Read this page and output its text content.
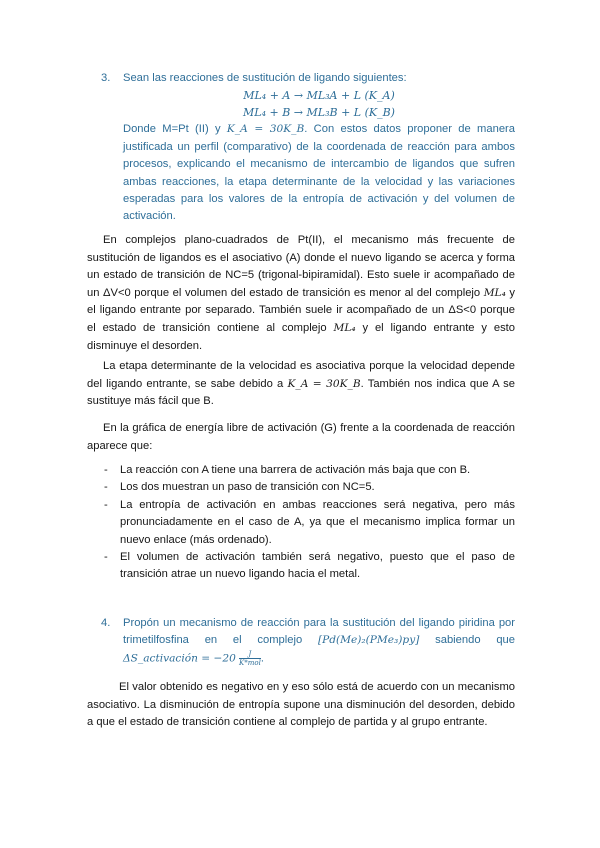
3. Sean las reacciones de sustitución de ligando siguientes:
ML₄ + A → ML₃A + L (K_A)
ML₄ + B → ML₃B + L (K_B)
Donde M=Pt (II) y K_A = 30K_B. Con estos datos proponer de manera justificada un perfil (comparativo) de la coordenada de reacción para ambos procesos, explicando el mecanismo de intercambio de ligandos que sufren ambas reacciones, la etapa determinante de la velocidad y las variaciones esperadas para los valores de la entropía de activación y del volumen de activación.
En complejos plano-cuadrados de Pt(II), el mecanismo más frecuente de sustitución de ligandos es el asociativo (A) donde el nuevo ligando se acerca y forma un estado de transición de NC=5 (trigonal-bipiramidal). Esto suele ir acompañado de un ΔV<0 porque el volumen del estado de transición es menor al del complejo ML₄ y el ligando entrante por separado. También suele ir acompañado de un ΔS<0 porque el estado de transición contiene al complejo ML₄ y el ligando entrante y esto disminuye el desorden.
La etapa determinante de la velocidad es asociativa porque la velocidad depende del ligando entrante, se sabe debido a K_A = 30K_B. También nos indica que A se sustituye más fácil que B.
En la gráfica de energía libre de activación (G) frente a la coordenada de reacción aparece que:
- La reacción con A tiene una barrera de activación más baja que con B.
- Los dos muestran un paso de transición con NC=5.
- La entropía de activación en ambas reacciones será negativa, pero más pronunciadamente en el caso de A, ya que el mecanismo implica formar un nuevo enlace (más ordenado).
- El volumen de activación también será negativo, puesto que el paso de transición atrae un nuevo ligando hacia el metal.
4. Propón un mecanismo de reacción para la sustitución del ligando piridina por trimetilfosfina en el complejo [Pd(Me)₂(PMe₃)py] sabiendo que ΔS_activación = $-20 \frac{J}{\text{K*mol}}$ .
El valor obtenido es negativo en y eso sólo está de acuerdo con un mecanismo asociativo. La disminución de entropía supone una disminución del desorden, debido a que el estado de transición contiene al complejo de partida y al grupo entrante.
